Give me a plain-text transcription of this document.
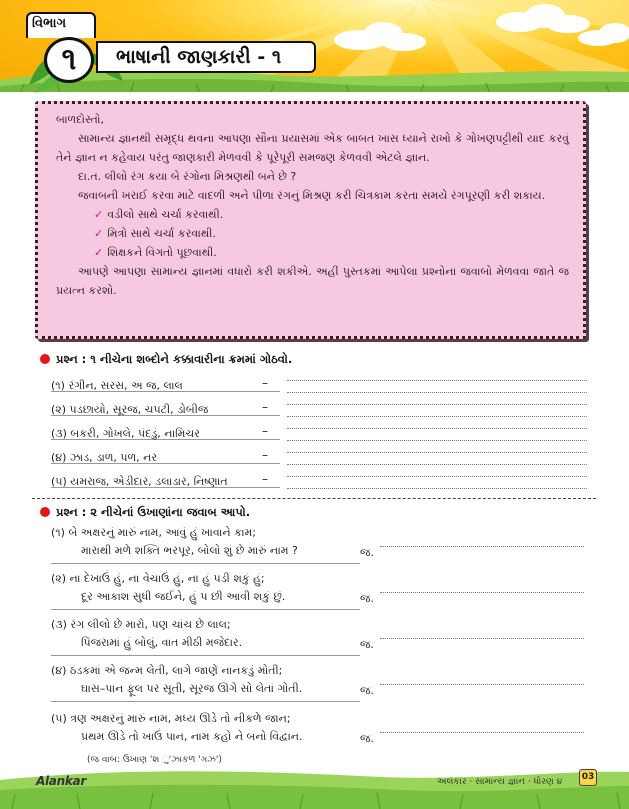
વિભાગ
૧	ભાષાની જાણકારી - ૧

બાળદોસ્તો,

સામાન્ય જ્ઞાનથી સમૃદ્ધ થવના આપણા સૌના પ્રયાસમાં એક બાબત ખાસ ધ્યાને રાખો કે ગોખણપટ્ટીથી યાદ કરવું તેને જ્ઞાન ન કહેવાય પરંતુ જાણકારી મેળવવી કે પૂરેપૂરી સમજણ કેળવવી એટલે જ્ઞાન.

દા.ત. લીલો રંગ કયા બે રંગોના મિશ્રણથી બને છે ?

જવાબની ખરાઈ કરવા માટે વાદળી અને પીળા રંગનું મિશ્રણ કરી ચિત્રકામ કરતા સમયે રંગપૂરણી કરી શકાય.

✓ વડીલો સાથે ચર્ચા કરવાથી.

✓ મિત્રો સાથે ચર્ચા કરવાથી.

✓ શિક્ષકને વિગતો પૂછવાથી.

આપણે આપણા સામાન્ય જ્ઞાનમાં વધારો કરી શકીએ. અહીં પુસ્તકમાં આપેલા પ્રશ્નોના જવાબો મેળવવા જાતે જ પ્રયત્ન કરશો.

પ્રશ્ન : ૧ નીચેના શબ્દોને કક્કાવારીના ક્રમમાં ગોઠવો.
(૧) રંગીન, સરસ, અ જ, લાલ	–
(૨) પડછાયો, સૂરજ, ચપટી, ડોબીજ	–
(૩) બકરી, ગોખલે, પંદડું, નામિચર	–
(૪) ઝાડ, ડાળ, પળ, નર	–
(૫) યમરાજ, એડીદાર, ડલાડાર, નિષ્ણાત	–
પ્રશ્ન : ૨ નીચેનાં ઉખાણાંના જવાબ આપો.
(૧) બે અક્ષરનું મારું નામ, આવું હું ખાવાને કામ;
મારાથી મળે શક્તિ ભરપૂર, બોલો શું છે મારું નામ ?	જ.
(૨) ના દેખાઉં હું, ના વેચાઉં હું, ના હું પડી શકું હું;
દૂર આકાશ સુધી જઈને, હું પ છી આવી શકું છું.	જ.
(૩) રંગ લીલો છે મારો, પણ ચાંચ છે લાલ;
પિંજરામાં હું બોલું, વાત મીઠી મજેદાર.	જ.
(૪) ઠંડકમાં એ જન્મ લેતી, લાગે જાણે નાનકડું મોતી;
ઘાસ–પાન ફૂલ પર સૂતી, સૂરજ ઊગે સો લેતાં ગોતી.	જ.
(૫) ત્રણ અક્ષરનું મારું નામ, મધ્ય ઊડે તો નીકળે જાન;
પ્રથમ ઊડે તો ખાઉં પાન, નામ કહો ને બનો વિદ્વાન.	જ.
(જ વાબ: ઉખાણ 'શ ુ'ઝાકળ 'ગઝ')
Alankar	અલંકાર · સામાન્ય જ્ઞાન · ધોરણ ૪	03
